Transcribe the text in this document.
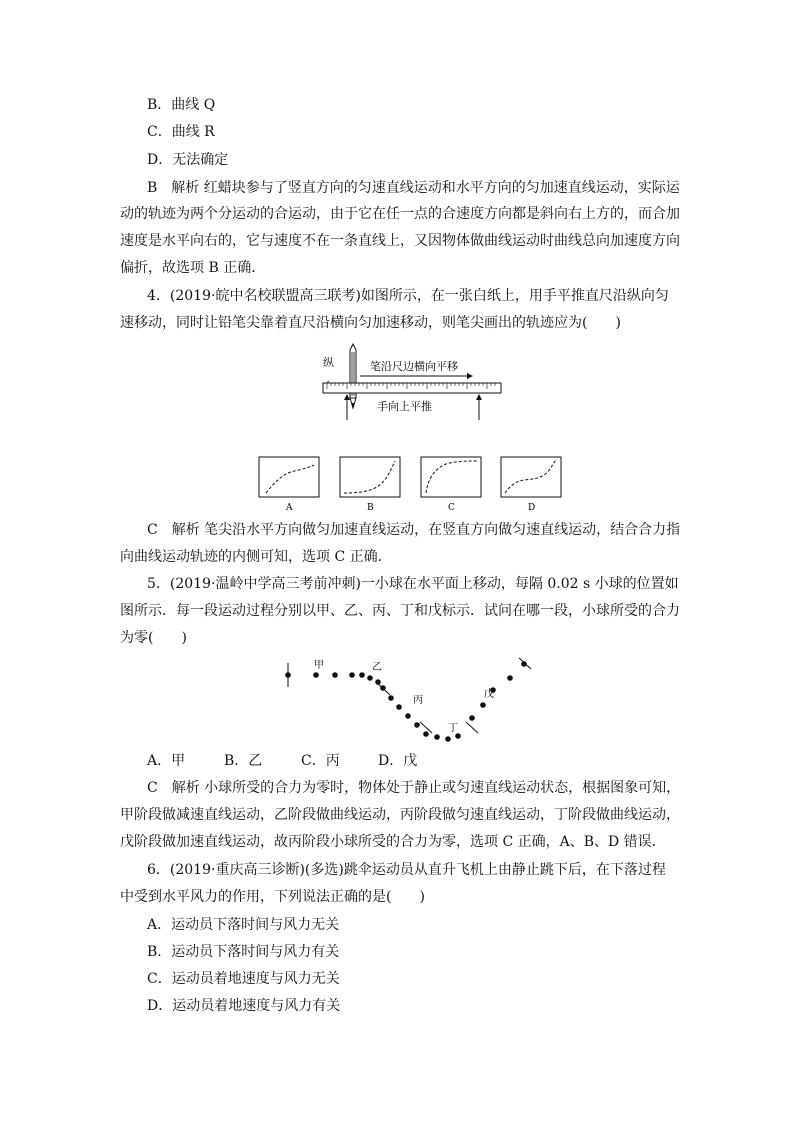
B．曲线 Q
C．曲线 R
D．无法确定
B　解析 红蜡块参与了竖直方向的匀速直线运动和水平方向的匀加速直线运动，实际运
动的轨迹为两个分运动的合运动，由于它在任一点的合速度方向都是斜向右上方的，而合加
速度是水平向右的，它与速度不在一条直线上，又因物体做曲线运动时曲线总向加速度方向
偏折，故选项 B 正确．
4．(2019·皖中名校联盟高三联考)如图所示，在一张白纸上，用手平推直尺沿纵向匀
速移动，同时让铅笔尖靠着直尺沿横向匀加速移动，则笔尖画出的轨迹应为(　　)
纵	笔沿尺边横向平移
手向上平推
A	B	C	D
C　解析 笔尖沿水平方向做匀加速直线运动，在竖直方向做匀速直线运动，结合合力指
向曲线运动轨迹的内侧可知，选项 C 正确．
5．(2019·温岭中学高三考前冲刺)一小球在水平面上移动，每隔 0.02 s 小球的位置如
图所示．每一段运动过程分别以甲、乙、丙、丁和戊标示．试问在哪一段，小球所受的合力
为零(　　)
甲	乙
丙
丁
戊
A．甲	B．乙	C．丙	D．戊
C　解析 小球所受的合力为零时，物体处于静止或匀速直线运动状态，根据图象可知，
甲阶段做减速直线运动，乙阶段做曲线运动，丙阶段做匀速直线运动，丁阶段做曲线运动，
戊阶段做加速直线运动，故丙阶段小球所受的合力为零，选项 C 正确，A、B、D 错误．
6．(2019·重庆高三诊断)(多选)跳伞运动员从直升飞机上由静止跳下后，在下落过程
中受到水平风力的作用，下列说法正确的是(　　)
A．运动员下落时间与风力无关
B．运动员下落时间与风力有关
C．运动员着地速度与风力无关
D．运动员着地速度与风力有关
